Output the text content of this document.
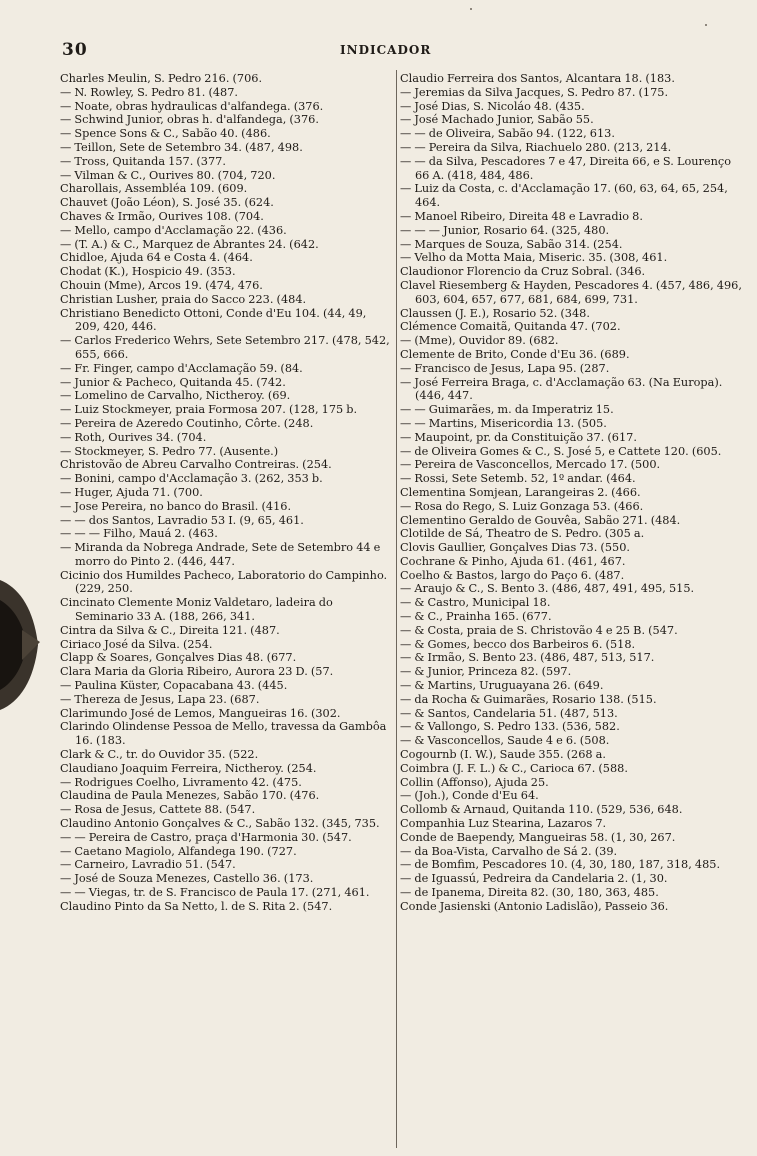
30	INDICADOR
Charles Meulin, S. Pedro 216. (706.
— N. Rowley, S. Pedro 81. (487.
— Noate, obras hydraulicas d'alfandega. (376.
— Schwind Junior, obras h. d'alfandega, (376.
— Spence Sons & C., Sabão 40. (486.
— Teillon, Sete de Setembro 34. (487, 498.
— Tross, Quitanda 157. (377.
— Vilman & C., Ourives 80. (704, 720.
Charollais, Assembléa 109. (609.
Chauvet (João Léon), S. José 35. (624.
Chaves & Irmão, Ourives 108. (704.
— Mello, campo d'Acclamação 22. (436.
— (T. A.) & C., Marquez de Abrantes 24. (642.
Chidloe, Ajuda 64 e Costa 4. (464.
Chodat (K.), Hospicio 49. (353.
Chouin (Mme), Arcos 19. (474, 476.
Christian Lusher, praia do Sacco 223. (484.
Christiano Benedicto Ottoni, Conde d'Eu 104. (44, 49, 209, 420, 446.
— Carlos Frederico Wehrs, Sete Setembro 217. (478, 542, 655, 666.
— Fr. Finger, campo d'Acclamação 59. (84.
— Junior & Pacheco, Quitanda 45. (742.
— Lomelino de Carvalho, Nictheroy. (69.
— Luiz Stockmeyer, praia Formosa 207. (128, 175 b.
— Pereira de Azeredo Coutinho, Côrte. (248.
— Roth, Ourives 34. (704.
— Stockmeyer, S. Pedro 77. (Ausente.)
Christovão de Abreu Carvalho Contreiras. (254.
— Bonini, campo d'Acclamação 3. (262, 353 b.
— Huger, Ajuda 71. (700.
— Jose Pereira, no banco do Brasil. (416.
— — dos Santos, Lavradio 53 I. (9, 65, 461.
— — — Filho, Mauá 2. (463.
— Miranda da Nobrega Andrade, Sete de Setembro 44 e morro do Pinto 2. (446, 447.
Cicinio dos Humildes Pacheco, Laboratorio do Campinho. (229, 250.
Cincinato Clemente Moniz Valdetaro, ladeira do Seminario 33 A. (188, 266, 341.
Cintra da Silva & C., Direita 121. (487.
Ciriaco José da Silva. (254.
Clapp & Soares, Gonçalves Dias 48. (677.
Clara Maria da Gloria Ribeiro, Aurora 23 D. (57.
— Paulina Küster, Copacabana 43. (445.
— Thereza de Jesus, Lapa 23. (687.
Clarimundo José de Lemos, Mangueiras 16. (302.
Clarindo Olindense Pessoa de Mello, travessa da Gambôa 16. (183.
Clark & C., tr. do Ouvidor 35. (522.
Claudiano Joaquim Ferreira, Nictheroy. (254.
— Rodrigues Coelho, Livramento 42. (475.
Claudina de Paula Menezes, Sabão 170. (476.
— Rosa de Jesus, Cattete 88. (547.
Claudino Antonio Gonçalves & C., Sabão 132. (345, 735.
— — Pereira de Castro, praça d'Harmonia 30. (547.
— Caetano Magiolo, Alfandega 190. (727.
— Carneiro, Lavradio 51. (547.
— José de Souza Menezes, Castello 36. (173.
— — Viegas, tr. de S. Francisco de Paula 17. (271, 461.
Claudino Pinto da Sa Netto, l. de S. Rita 2. (547.
Claudio Ferreira dos Santos, Alcantara 18. (183.
— Jeremias da Silva Jacques, S. Pedro 87. (175.
— José Dias, S. Nicoláo 48. (435.
— José Machado Junior, Sabão 55.
— — de Oliveira, Sabão 94. (122, 613.
— — Pereira da Silva, Riachuelo 280. (213, 214.
— — da Silva, Pescadores 7 e 47, Direita 66, e S. Lourenço 66 A. (418, 484, 486.
— Luiz da Costa, c. d'Acclamação 17. (60, 63, 64, 65, 254, 464.
— Manoel Ribeiro, Direita 48 e Lavradio 8.
— — — Junior, Rosario 64. (325, 480.
— Marques de Souza, Sabão 314. (254.
— Velho da Motta Maia, Miseric. 35. (308, 461.
Claudionor Florencio da Cruz Sobral. (346.
Clavel Riesemberg & Hayden, Pescadores 4. (457, 486, 496, 603, 604, 657, 677, 681, 684, 699, 731.
Claussen (J. E.), Rosario 52. (348.
Clémence Comaitã, Quitanda 47. (702.
— (Mme), Ouvidor 89. (682.
Clemente de Brito, Conde d'Eu 36. (689.
— Francisco de Jesus, Lapa 95. (287.
— José Ferreira Braga, c. d'Acclamação 63. (Na Europa). (446, 447.
— — Guimarães, m. da Imperatriz 15.
— — Martins, Misericordia 13. (505.
— Maupoint, pr. da Constituição 37. (617.
— de Oliveira Gomes & C., S. José 5, e Cattete 120. (605.
— Pereira de Vasconcellos, Mercado 17. (500.
— Rossi, Sete Setemb. 52, 1º andar. (464.
Clementina Somjean, Larangeiras 2. (466.
— Rosa do Rego, S. Luiz Gonzaga 53. (466.
Clementino Geraldo de Gouvêa, Sabão 271. (484.
Clotilde de Sá, Theatro de S. Pedro. (305 a.
Clovis Gaullier, Gonçalves Dias 73. (550.
Cochrane & Pinho, Ajuda 61. (461, 467.
Coelho & Bastos, largo do Paço 6. (487.
— Araujo & C., S. Bento 3. (486, 487, 491, 495, 515.
— & Castro, Municipal 18.
— & C., Prainha 165. (677.
— & Costa, praia de S. Christovão 4 e 25 B. (547.
— & Gomes, becco dos Barbeiros 6. (518.
— & Irmão, S. Bento 23. (486, 487, 513, 517.
— & Junior, Princeza 82. (597.
— & Martins, Uruguayana 26. (649.
— da Rocha & Guimarães, Rosario 138. (515.
— & Santos, Candelaria 51. (487, 513.
— & Vallongo, S. Pedro 133. (536, 582.
— & Vasconcellos, Saude 4 e 6. (508.
Cogournb (I. W.), Saude 355. (268 a.
Coimbra (J. F. L.) & C., Carioca 67. (588.
Collin (Affonso), Ajuda 25.
— (Joh.), Conde d'Eu 64.
Collomb & Arnaud, Quitanda 110. (529, 536, 648.
Companhia Luz Stearina, Lazaros 7.
Conde de Baependy, Mangueiras 58. (1, 30, 267.
— da Boa-Vista, Carvalho de Sá 2. (39.
— de Bomfim, Pescadores 10. (4, 30, 180, 187, 318, 485.
— de Iguassú, Pedreira da Candelaria 2. (1, 30.
— de Ipanema, Direita 82. (30, 180, 363, 485.
Conde Jasienski (Antonio Ladislão), Passeio 36.
